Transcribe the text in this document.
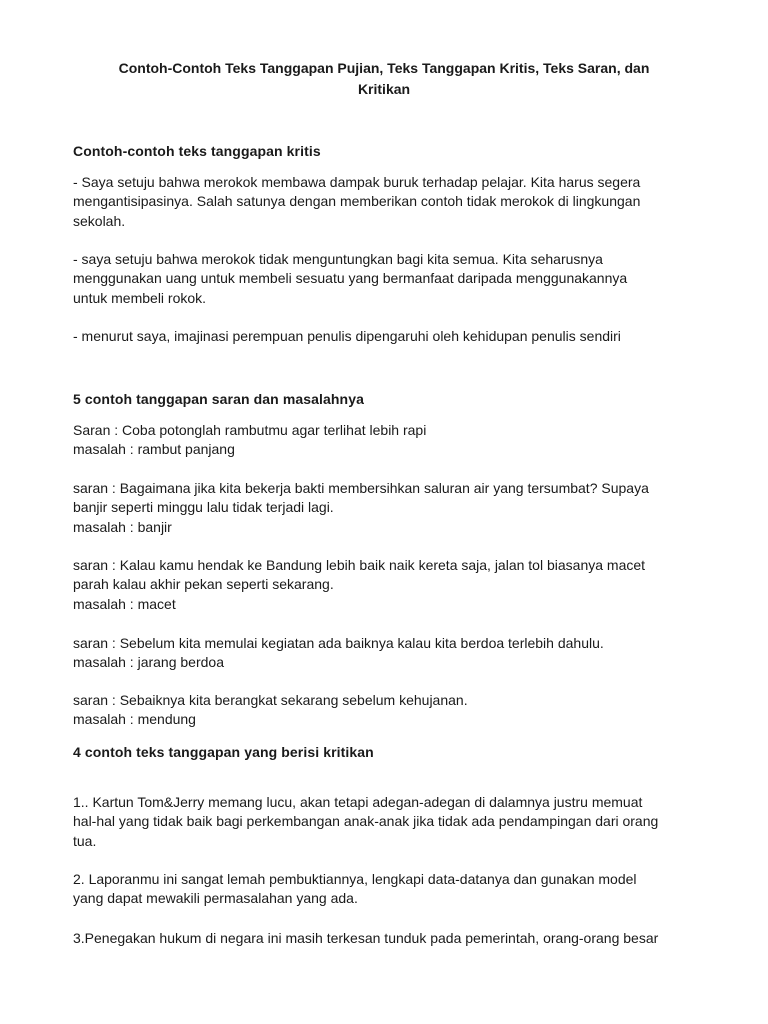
Contoh-Contoh Teks Tanggapan Pujian, Teks Tanggapan Kritis, Teks Saran, dan
Kritikan

Contoh-contoh teks tanggapan kritis

- Saya setuju bahwa merokok membawa dampak buruk terhadap pelajar. Kita harus segera
mengantisipasinya. Salah satunya dengan memberikan contoh tidak merokok di lingkungan
sekolah.

- saya setuju bahwa merokok tidak menguntungkan bagi kita semua. Kita seharusnya
menggunakan uang untuk membeli sesuatu yang bermanfaat daripada menggunakannya
untuk membeli rokok.

- menurut saya, imajinasi perempuan penulis dipengaruhi oleh kehidupan penulis sendiri

5 contoh tanggapan saran dan masalahnya

Saran : Coba potonglah rambutmu agar terlihat lebih rapi
masalah : rambut panjang

saran : Bagaimana jika kita bekerja bakti membersihkan saluran air yang tersumbat? Supaya
banjir seperti minggu lalu tidak terjadi lagi.
masalah : banjir

saran : Kalau kamu hendak ke Bandung lebih baik naik kereta saja, jalan tol biasanya macet
parah kalau akhir pekan seperti sekarang.
masalah : macet

saran : Sebelum kita memulai kegiatan ada baiknya kalau kita berdoa terlebih dahulu.
masalah : jarang berdoa

saran : Sebaiknya kita berangkat sekarang sebelum kehujanan.
masalah : mendung

4 contoh teks tanggapan yang berisi kritikan

1.. Kartun Tom&Jerry memang lucu, akan tetapi adegan-adegan di dalamnya justru memuat
hal-hal yang tidak baik bagi perkembangan anak-anak jika tidak ada pendampingan dari orang
tua.

2. Laporanmu ini sangat lemah pembuktiannya, lengkapi data-datanya dan gunakan model
yang dapat mewakili permasalahan yang ada.

3.Penegakan hukum di negara ini masih terkesan tunduk pada pemerintah, orang-orang besar
